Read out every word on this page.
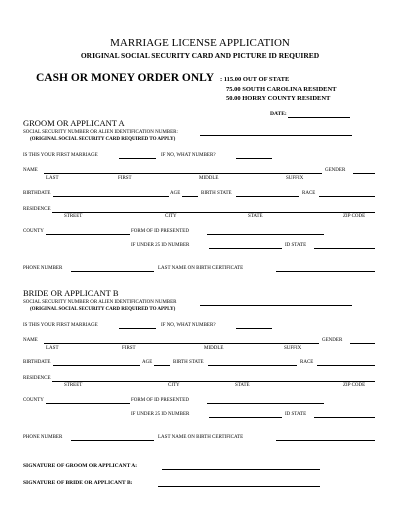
MARRIAGE LICENSE APPLICATION
ORIGINAL SOCIAL SECURITY CARD AND PICTURE ID REQUIRED
CASH OR MONEY ORDER ONLY : 115.00 OUT OF STATE
75.00 SOUTH CAROLINA RESIDENT
50.00 HORRY COUNTY RESIDENT
DATE:
GROOM OR APPLICANT A
SOCIAL SECURITY NUMBER OR ALIEN IDENTIFICATION NUMBER:
(ORIGINAL SOCIAL SECURITY CARD REQUIRED TO APPLY)
IS THIS YOUR FIRST MARRIAGE	IF NO, WHAT NUMBER?
NAME	GENDER
LAST	FIRST	MIDDLE	SUFFIX
BIRTHDATE	AGE	BIRTH STATE	RACE
RESIDENCE
STREET	CITY	STATE	ZIP CODE
COUNTY	FORM OF ID PRESENTED
IF UNDER 25 ID NUMBER	ID STATE
PHONE NUMBER	LAST NAME ON BIRTH CERTIFICATE
BRIDE OR APPLICANT B
SOCIAL SECURITY NUMBER OR ALIEN IDENTIFICATION NUMBER
(ORIGINAL SOCIAL SECURITY CARD REQUIRED TO APPLY)
IS THIS YOUR FIRST MARRIAGE	IF NO, WHAT NUMBER?
NAME	GENDER
LAST	FIRST	MIDDLE	SUFFIX
BIRTHDATE	AGE	BIRTH STATE	RACE
RESIDENCE
STREET	CITY	STATE	ZIP CODE
COUNTY	FORM OF ID PRESENTED
IF UNDER 25 ID NUMBER	ID STATE
PHONE NUMBER	LAST NAME ON BIRTH CERTIFICATE
SIGNATURE OF GROOM OR APPLICANT A:
SIGNATURE OF BRIDE OR APPLICANT B:
